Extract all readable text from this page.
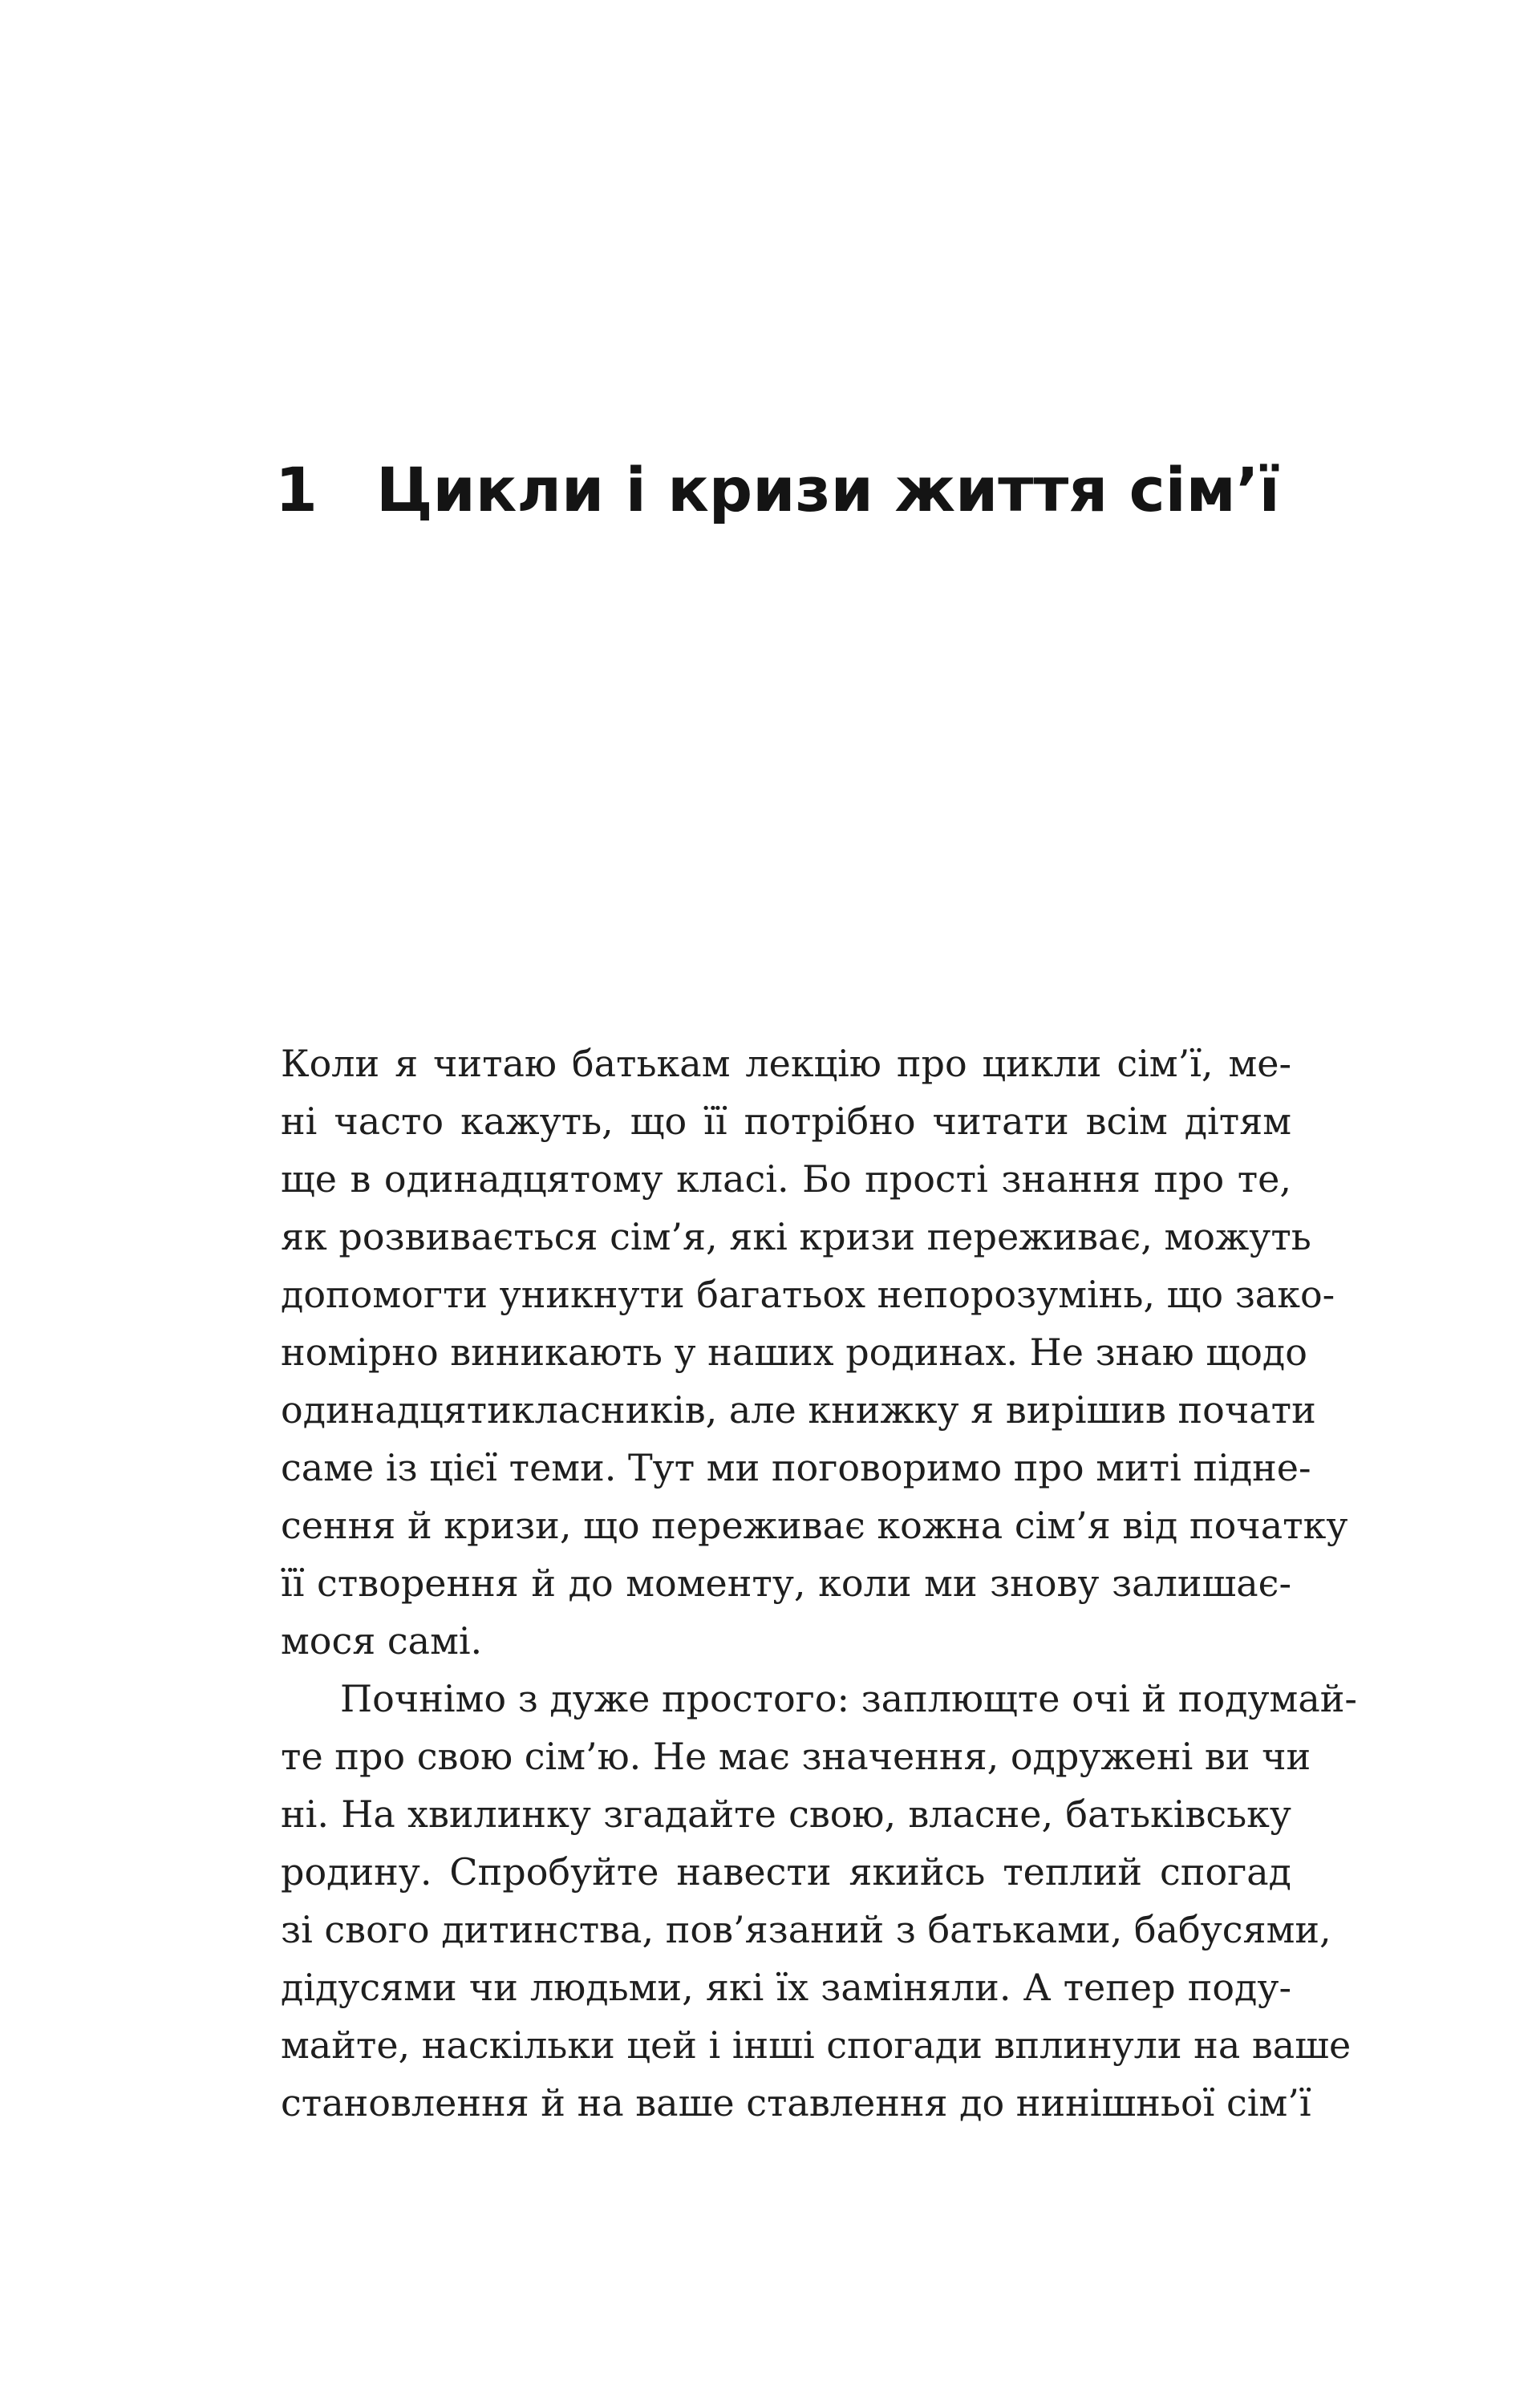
1 Цикли і кризи життя сім’ї
Коли я читаю батькам лекцію про цикли сім’ї, ме-
ні часто кажуть, що її потрібно читати всім дітям
ще в одинадцятому класі. Бо прості знання про те,
як розвивається сім’я, які кризи переживає, можуть
допомогти уникнути багатьох непорозумінь, що зако-
номірно виникають у наших родинах. Не знаю щодо
одинадцятикласників, але книжку я вирішив почати
саме із цієї теми. Тут ми поговоримо про миті підне-
сення й кризи, що переживає кожна сім’я від початку
її створення й до моменту, коли ми знову залишає-
мося самі.
Почнімо з дуже простого: заплющте очі й подумай-
те про свою сім’ю. Не має значення, одружені ви чи
ні. На хвилинку згадайте свою, власне, батьківську
родину. Спробуйте навести якийсь теплий спогад
зі свого дитинства, пов’язаний з батьками, бабусями,
дідусями чи людьми, які їх заміняли. А тепер поду-
майте, наскільки цей і інші спогади вплинули на ваше
становлення й на ваше ставлення до нинішньої сім’ї
